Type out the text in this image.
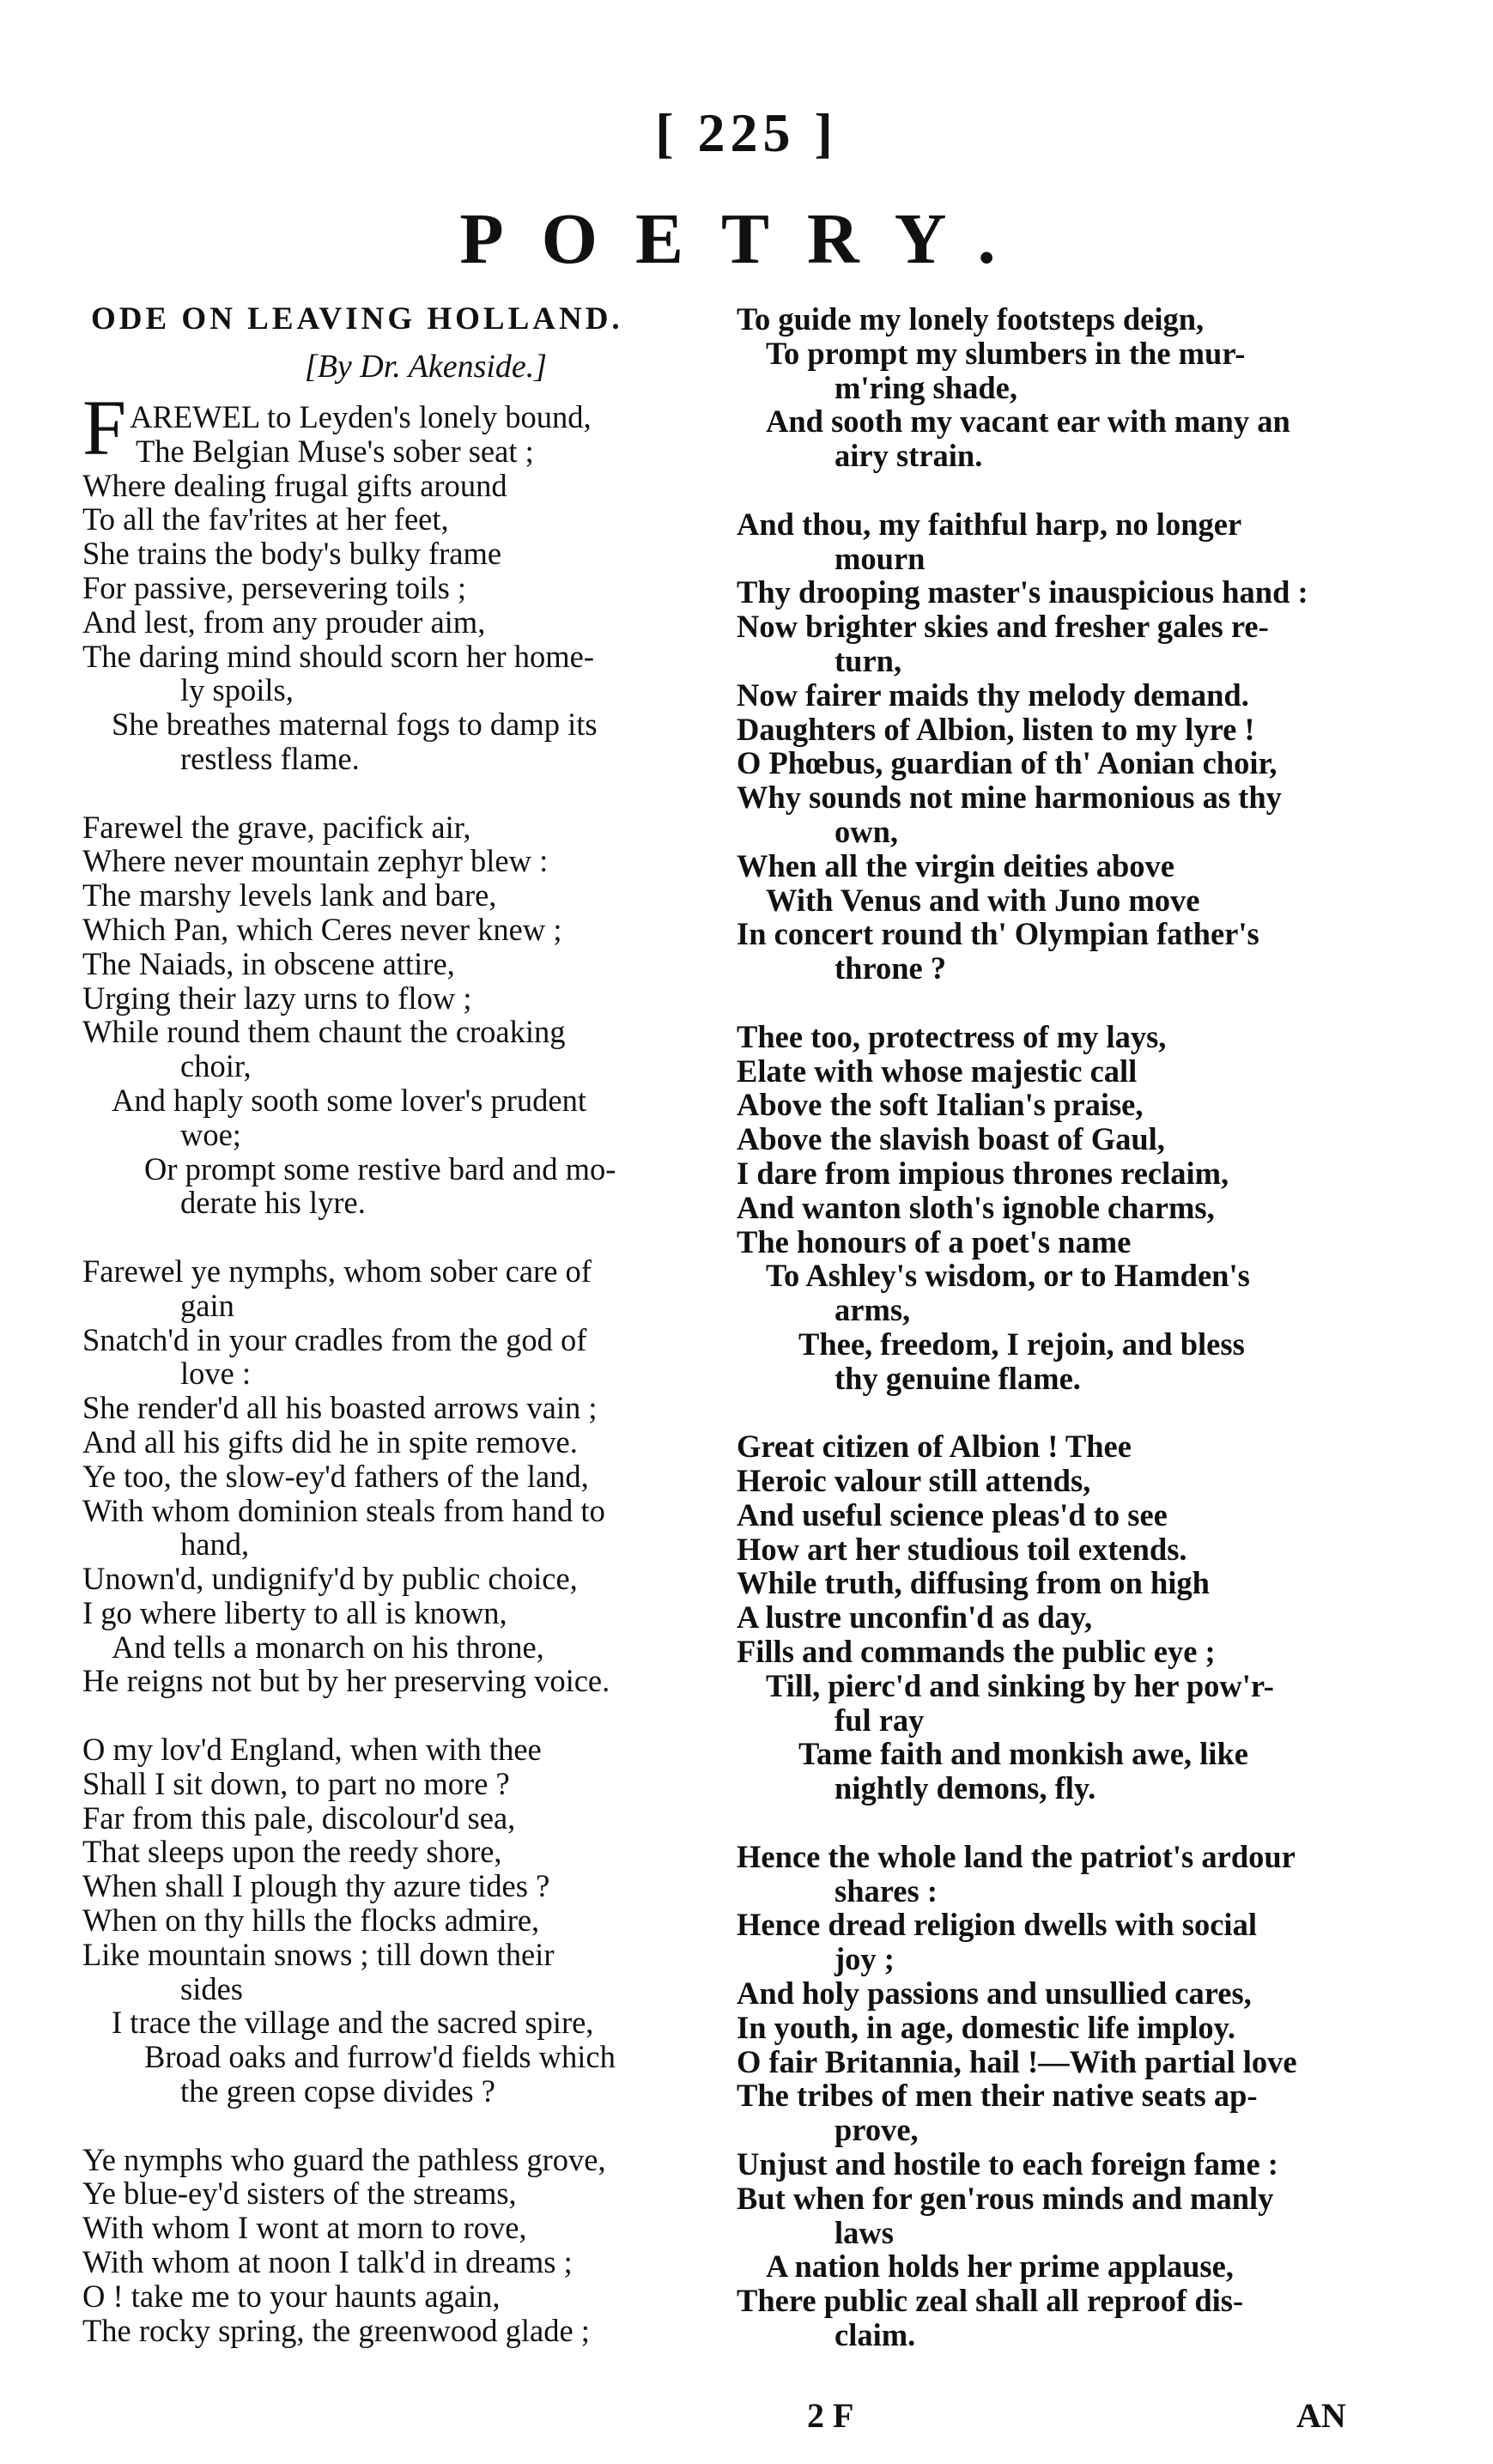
[ 225 ]
POETRY.
ODE ON LEAVING HOLLAND.
[By Dr. Akenside.]
FAREWEL to Leyden's lonely bound,
The Belgian Muse's sober seat ;
Where dealing frugal gifts around
To all the fav'rites at her feet,
She trains the body's bulky frame
For passive, persevering toils ;
And lest, from any prouder aim,
The daring mind should scorn her home-
ly spoils,
She breathes maternal fogs to damp its
restless flame.
Farewel the grave, pacifick air,
Where never mountain zephyr blew :
The marshy levels lank and bare,
Which Pan, which Ceres never knew ;
The Naiads, in obscene attire,
Urging their lazy urns to flow ;
While round them chaunt the croaking
choir,
And haply sooth some lover's prudent
woe;
Or prompt some restive bard and mo-
derate his lyre.
Farewel ye nymphs, whom sober care of
gain
Snatch'd in your cradles from the god of
love :
She render'd all his boasted arrows vain ;
And all his gifts did he in spite remove.
Ye too, the slow-ey'd fathers of the land,
With whom dominion steals from hand to
hand,
Unown'd, undignify'd by public choice,
I go where liberty to all is known,
And tells a monarch on his throne,
He reigns not but by her preserving voice.
O my lov'd England, when with thee
Shall I sit down, to part no more ?
Far from this pale, discolour'd sea,
That sleeps upon the reedy shore,
When shall I plough thy azure tides ?
When on thy hills the flocks admire,
Like mountain snows ; till down their
sides
I trace the village and the sacred spire,
Broad oaks and furrow'd fields which
the green copse divides ?
Ye nymphs who guard the pathless grove,
Ye blue-ey'd sisters of the streams,
With whom I wont at morn to rove,
With whom at noon I talk'd in dreams ;
O ! take me to your haunts again,
The rocky spring, the greenwood glade ;
To guide my lonely footsteps deign,
To prompt my slumbers in the mur-
m'ring shade,
And sooth my vacant ear with many an
airy strain.
And thou, my faithful harp, no longer
mourn
Thy drooping master's inauspicious hand :
Now brighter skies and fresher gales re-
turn,
Now fairer maids thy melody demand.
Daughters of Albion, listen to my lyre !
O Phœbus, guardian of th' Aonian choir,
Why sounds not mine harmonious as thy
own,
When all the virgin deities above
With Venus and with Juno move
In concert round th' Olympian father's
throne ?
Thee too, protectress of my lays,
Elate with whose majestic call
Above the soft Italian's praise,
Above the slavish boast of Gaul,
I dare from impious thrones reclaim,
And wanton sloth's ignoble charms,
The honours of a poet's name
To Ashley's wisdom, or to Hamden's
arms,
Thee, freedom, I rejoin, and bless
thy genuine flame.
Great citizen of Albion ! Thee
Heroic valour still attends,
And useful science pleas'd to see
How art her studious toil extends.
While truth, diffusing from on high
A lustre unconfin'd as day,
Fills and commands the public eye ;
Till, pierc'd and sinking by her pow'r-
ful ray
Tame faith and monkish awe, like
nightly demons, fly.
Hence the whole land the patriot's ardour
shares :
Hence dread religion dwells with social
joy ;
And holy passions and unsullied cares,
In youth, in age, domestic life imploy.
O fair Britannia, hail !—With partial love
The tribes of men their native seats ap-
prove,
Unjust and hostile to each foreign fame :
But when for gen'rous minds and manly
laws
A nation holds her prime applause,
There public zeal shall all reproof dis-
claim.
2 F	AN
